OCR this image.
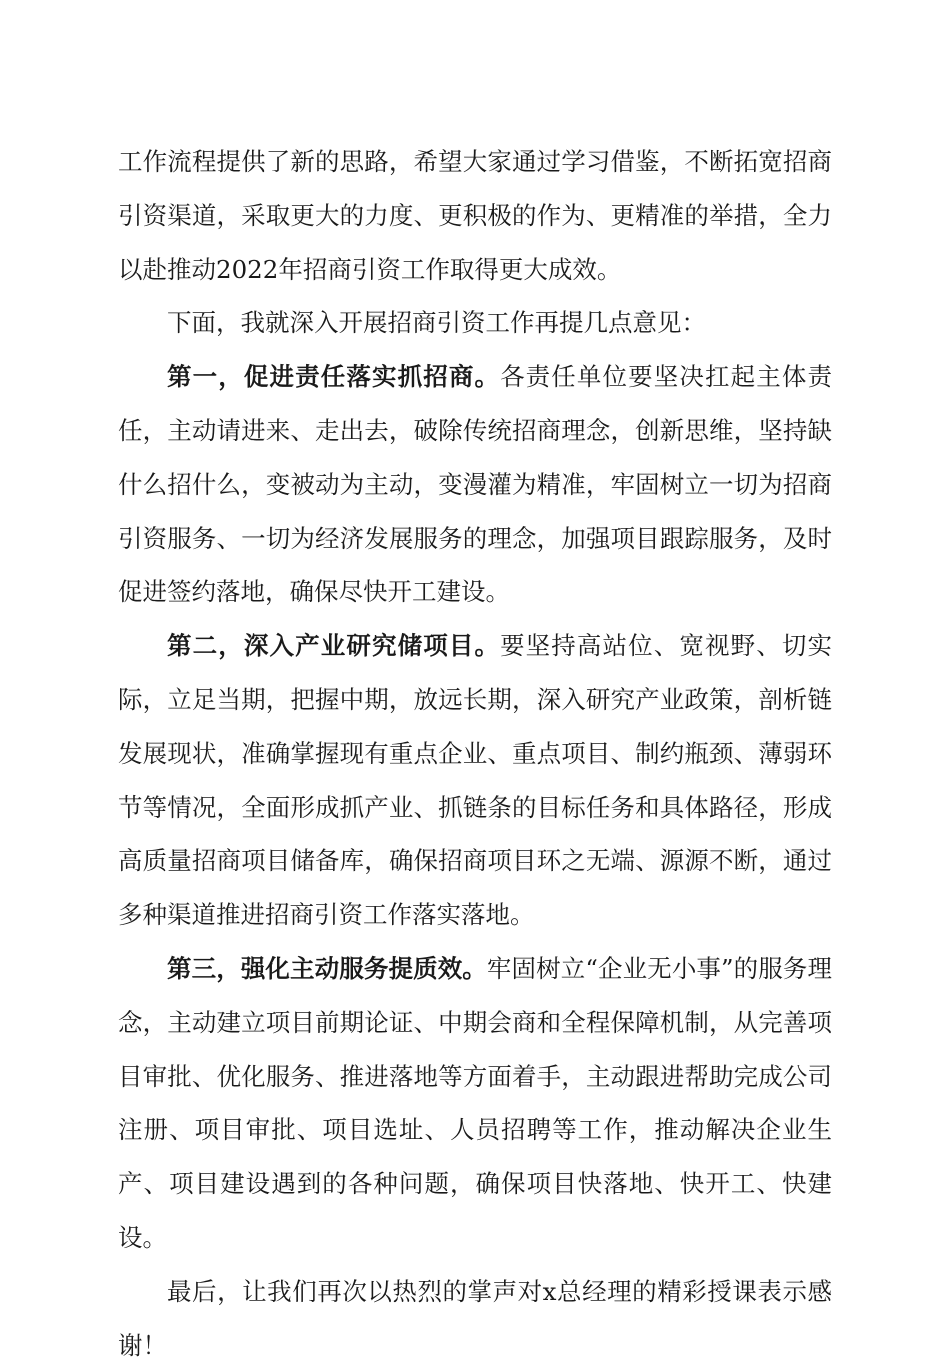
工作流程提供了新的思路，希望大家通过学习借鉴，不断拓宽招商引资渠道，采取更大的力度、更积极的作为、更精准的举措，全力以赴推动2022年招商引资工作取得更大成效。

下面，我就深入开展招商引资工作再提几点意见：

第一，促进责任落实抓招商。各责任单位要坚决扛起主体责任，主动请进来、走出去，破除传统招商理念，创新思维，坚持缺什么招什么，变被动为主动，变漫灌为精准，牢固树立一切为招商引资服务、一切为经济发展服务的理念，加强项目跟踪服务，及时促进签约落地，确保尽快开工建设。

第二，深入产业研究储项目。要坚持高站位、宽视野、切实际，立足当期，把握中期，放远长期，深入研究产业政策，剖析链发展现状，准确掌握现有重点企业、重点项目、制约瓶颈、薄弱环节等情况，全面形成抓产业、抓链条的目标任务和具体路径，形成高质量招商项目储备库，确保招商项目环之无端、源源不断，通过多种渠道推进招商引资工作落实落地。

第三，强化主动服务提质效。牢固树立“企业无小事”的服务理念，主动建立项目前期论证、中期会商和全程保障机制，从完善项目审批、优化服务、推进落地等方面着手，主动跟进帮助完成公司注册、项目审批、项目选址、人员招聘等工作，推动解决企业生产、项目建设遇到的各种问题，确保项目快落地、快开工、快建设。

最后，让我们再次以热烈的掌声对x总经理的精彩授课表示感谢！
